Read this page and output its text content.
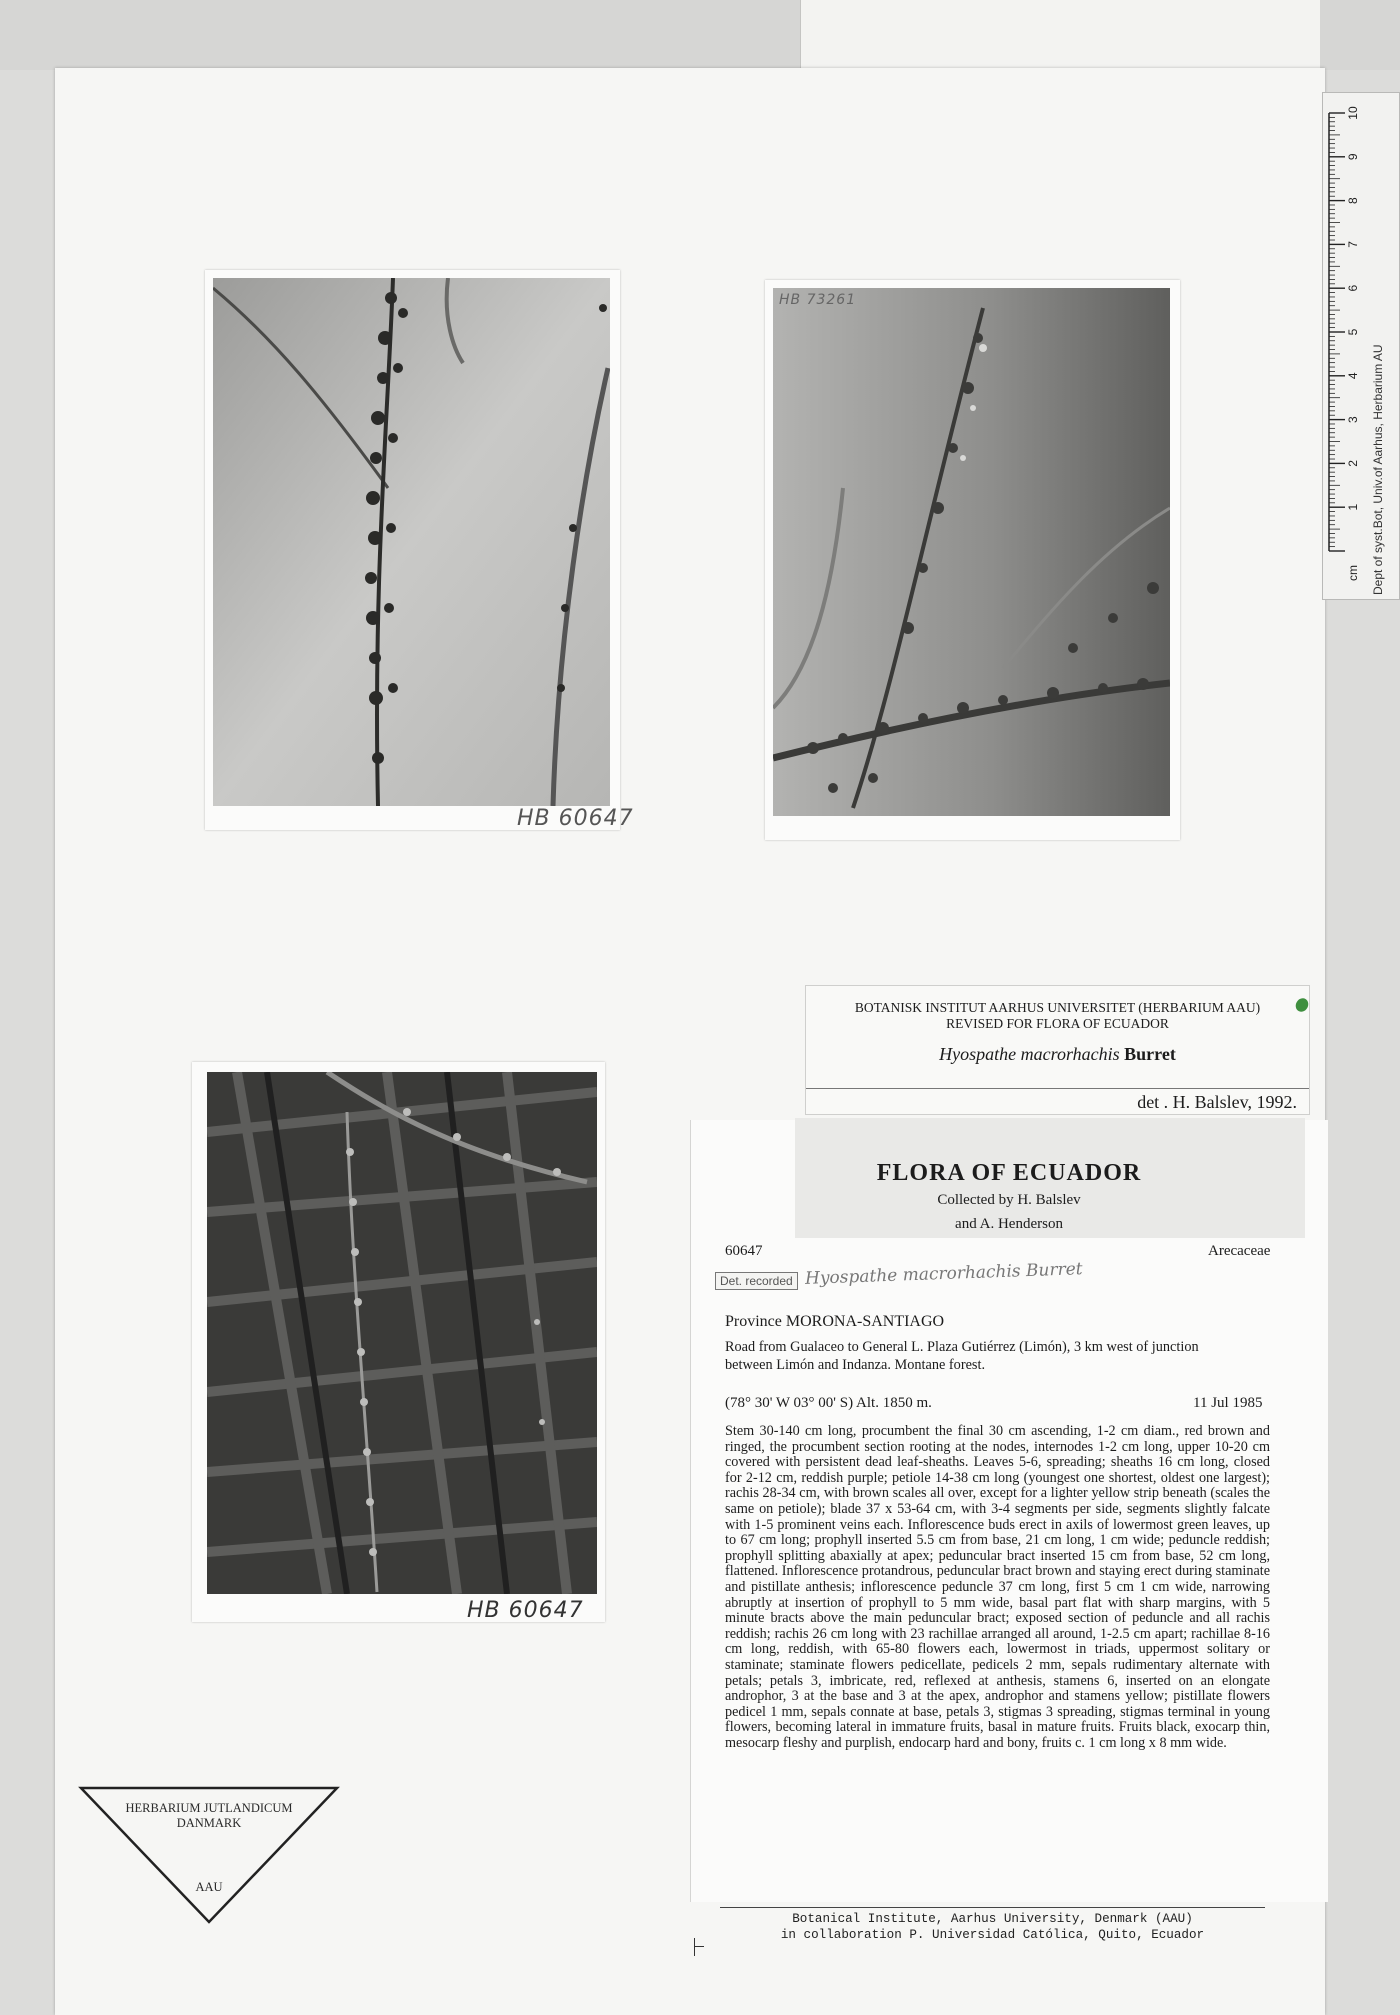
1
2
3
4
5
6
7
8
9
10
cm Dept of syst.Bot, Univ.of Aarhus, Herbarium AU
HB 60647
HB 73261
HB 60647
BOTANISK INSTITUT AARHUS UNIVERSITET (HERBARIUM AAU)
REVISED FOR FLORA OF ECUADOR
Hyospathe macrorhachis Burret
det . H. Balslev, 1992.
FLORA OF ECUADOR
Collected by H. Balslev
and A. Henderson
60647	Arecaceae
Det. recorded Hyospathe macrorhachis Burret
Province MORONA-SANTIAGO
Road from Gualaceo to General L. Plaza Gutiérrez (Limón), 3 km west of junction
between Limón and Indanza. Montane forest.
(78° 30' W 03° 00' S) Alt. 1850 m.	11 Jul 1985
Stem 30-140 cm long, procumbent the final 30 cm ascending, 1-2 cm diam., red brown and ringed, the procumbent section rooting at the nodes, internodes 1-2 cm long, upper 10-20 cm covered with persistent dead leaf-sheaths. Leaves 5-6, spreading; sheaths 16 cm long, closed for 2-12 cm, reddish purple; petiole 14-38 cm long (youngest one shortest, oldest one largest); rachis 28-34 cm, with brown scales all over, except for a lighter yellow strip beneath (scales the same on petiole); blade 37 x 53-64 cm, with 3-4 segments per side, segments slightly falcate with 1-5 prominent veins each. Inflorescence buds erect in axils of lowermost green leaves, up to 67 cm long; prophyll inserted 5.5 cm from base, 21 cm long, 1 cm wide; peduncle reddish; prophyll splitting abaxially at apex; peduncular bract inserted 15 cm from base, 52 cm long, flattened. Inflorescence protandrous, peduncular bract brown and staying erect during staminate and pistillate anthesis; inflorescence peduncle 37 cm long, first 5 cm 1 cm wide, narrowing abruptly at insertion of prophyll to 5 mm wide, basal part flat with sharp margins, with 5 minute bracts above the main peduncular bract; exposed section of peduncle and all rachis reddish; rachis 26 cm long with 23 rachillae arranged all around, 1-2.5 cm apart; rachillae 8-16 cm long, reddish, with 65-80 flowers each, lowermost in triads, uppermost solitary or staminate; staminate flowers pedicellate, pedicels 2 mm, sepals rudimentary alternate with petals; petals 3, imbricate, red, reflexed at anthesis, stamens 6, inserted on an elongate androphor, 3 at the base and 3 at the apex, androphor and stamens yellow; pistillate flowers pedicel 1 mm, sepals connate at base, petals 3, stigmas 3 spreading, stigmas terminal in young flowers, becoming lateral in immature fruits, basal in mature fruits. Fruits black, exocarp thin, mesocarp fleshy and purplish, endocarp hard and bony, fruits c. 1 cm long x 8 mm wide.
Botanical Institute, Aarhus University, Denmark (AAU)
in collaboration P. Universidad Católica, Quito, Ecuador
HERBARIUM JUTLANDICUM
DANMARK
AAU
